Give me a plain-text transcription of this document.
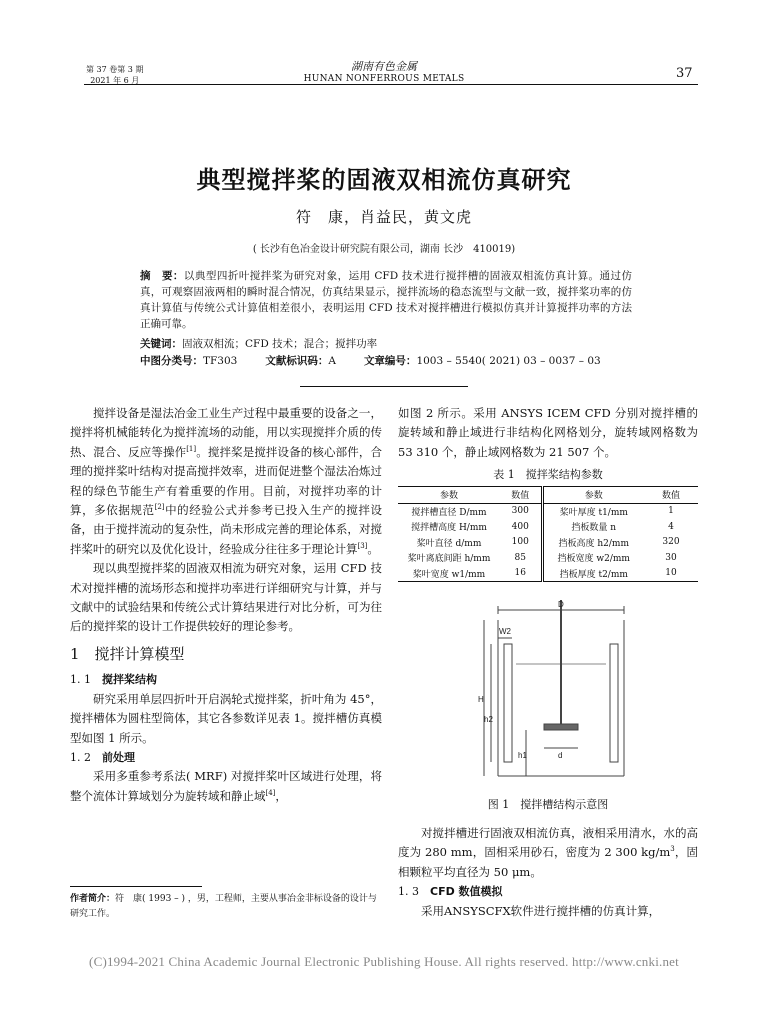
第 37 卷第 3 期
2021 年 6 月
湖南有色金属
HUNAN NONFERROUS METALS	37
典型搅拌桨的固液双相流仿真研究
符　康，肖益民，黄文虎
( 长沙有色冶金设计研究院有限公司，湖南 长沙　410019)
摘　要：以典型四折叶搅拌桨为研究对象，运用 CFD 技术进行搅拌槽的固液双相流仿真计算。通过仿真，可观察固液两相的瞬时混合情况，仿真结果显示，搅拌流场的稳态流型与文献一致，搅拌桨功率的仿真计算值与传统公式计算值相差很小，表明运用 CFD 技术对搅拌槽进行模拟仿真并计算搅拌功率的方法正确可靠。
关键词：固液双相流；CFD 技术；混合；搅拌功率
中图分类号：TF303	文献标识码：A	文章编号：1003 – 5540( 2021) 03 – 0037 – 03

搅拌设备是湿法冶金工业生产过程中最重要的设备之一，搅拌将机械能转化为搅拌流场的动能，用以实现搅拌介质的传热、混合、反应等操作[1]。搅拌桨是搅拌设备的核心部件，合理的搅拌桨叶结构对提高搅拌效率，进而促进整个湿法冶炼过程的绿色节能生产有着重要的作用。目前，对搅拌功率的计算，多依据规范[2]中的经验公式并参考已投入生产的搅拌设备，由于搅拌流动的复杂性，尚未形成完善的理论体系，对搅拌桨叶的研究以及优化设计，经验成分往往多于理论计算[3]。

现以典型搅拌桨的固液双相流为研究对象，运用 CFD 技术对搅拌槽的流场形态和搅拌功率进行详细研究与计算，并与文献中的试验结果和传统公式计算结果进行对比分析，可为往后的搅拌桨的设计工作提供较好的理论参考。

1　搅拌计算模型
1. 1　搅拌桨结构

研究采用单层四折叶开启涡轮式搅拌桨，折叶角为 45°，搅拌槽体为圆柱型筒体，其它各参数详见表 1。搅拌槽仿真模型如图 1 所示。

1. 2　前处理

采用多重参考系法( MRF) 对搅拌桨叶区域进行处理，将整个流体计算域划分为旋转域和静止域[4]，

作者简介：符　康( 1993 – ) ，男，工程师，主要从事冶金非标设备的设计与研究工作。
如图 2 所示。采用 ANSYS ICEM CFD 分别对搅拌槽的旋转域和静止域进行非结构化网格划分，旋转域网格数为 53 310 个，静止域网格数为 21 507 个。
表 1　搅拌桨结构参数
参数	数值	参数	数值
搅拌槽直径 D/mm	300	桨叶厚度 t1/mm	1
搅拌槽高度 H/mm	400	挡板数量 n	4
桨叶直径 d/mm	100	挡板高度 h2/mm	320
桨叶离底间距 h/mm	85	挡板宽度 w2/mm	30
桨叶宽度 w1/mm	16	挡板厚度 t2/mm	10
D
W2
H
h2
h1	d
图 1　搅拌槽结构示意图

对搅拌槽进行固液双相流仿真，液相采用清水，水的高度为 280 mm，固相采用砂石，密度为 2 300 $kg/m^3$，固相颗粒平均直径为 50 μm。

1. 3　CFD 数值模拟

采用ANSYSCFX软件进行搅拌槽的仿真计算，

(C)1994-2021 China Academic Journal Electronic Publishing House. All rights reserved. http://www.cnki.net
